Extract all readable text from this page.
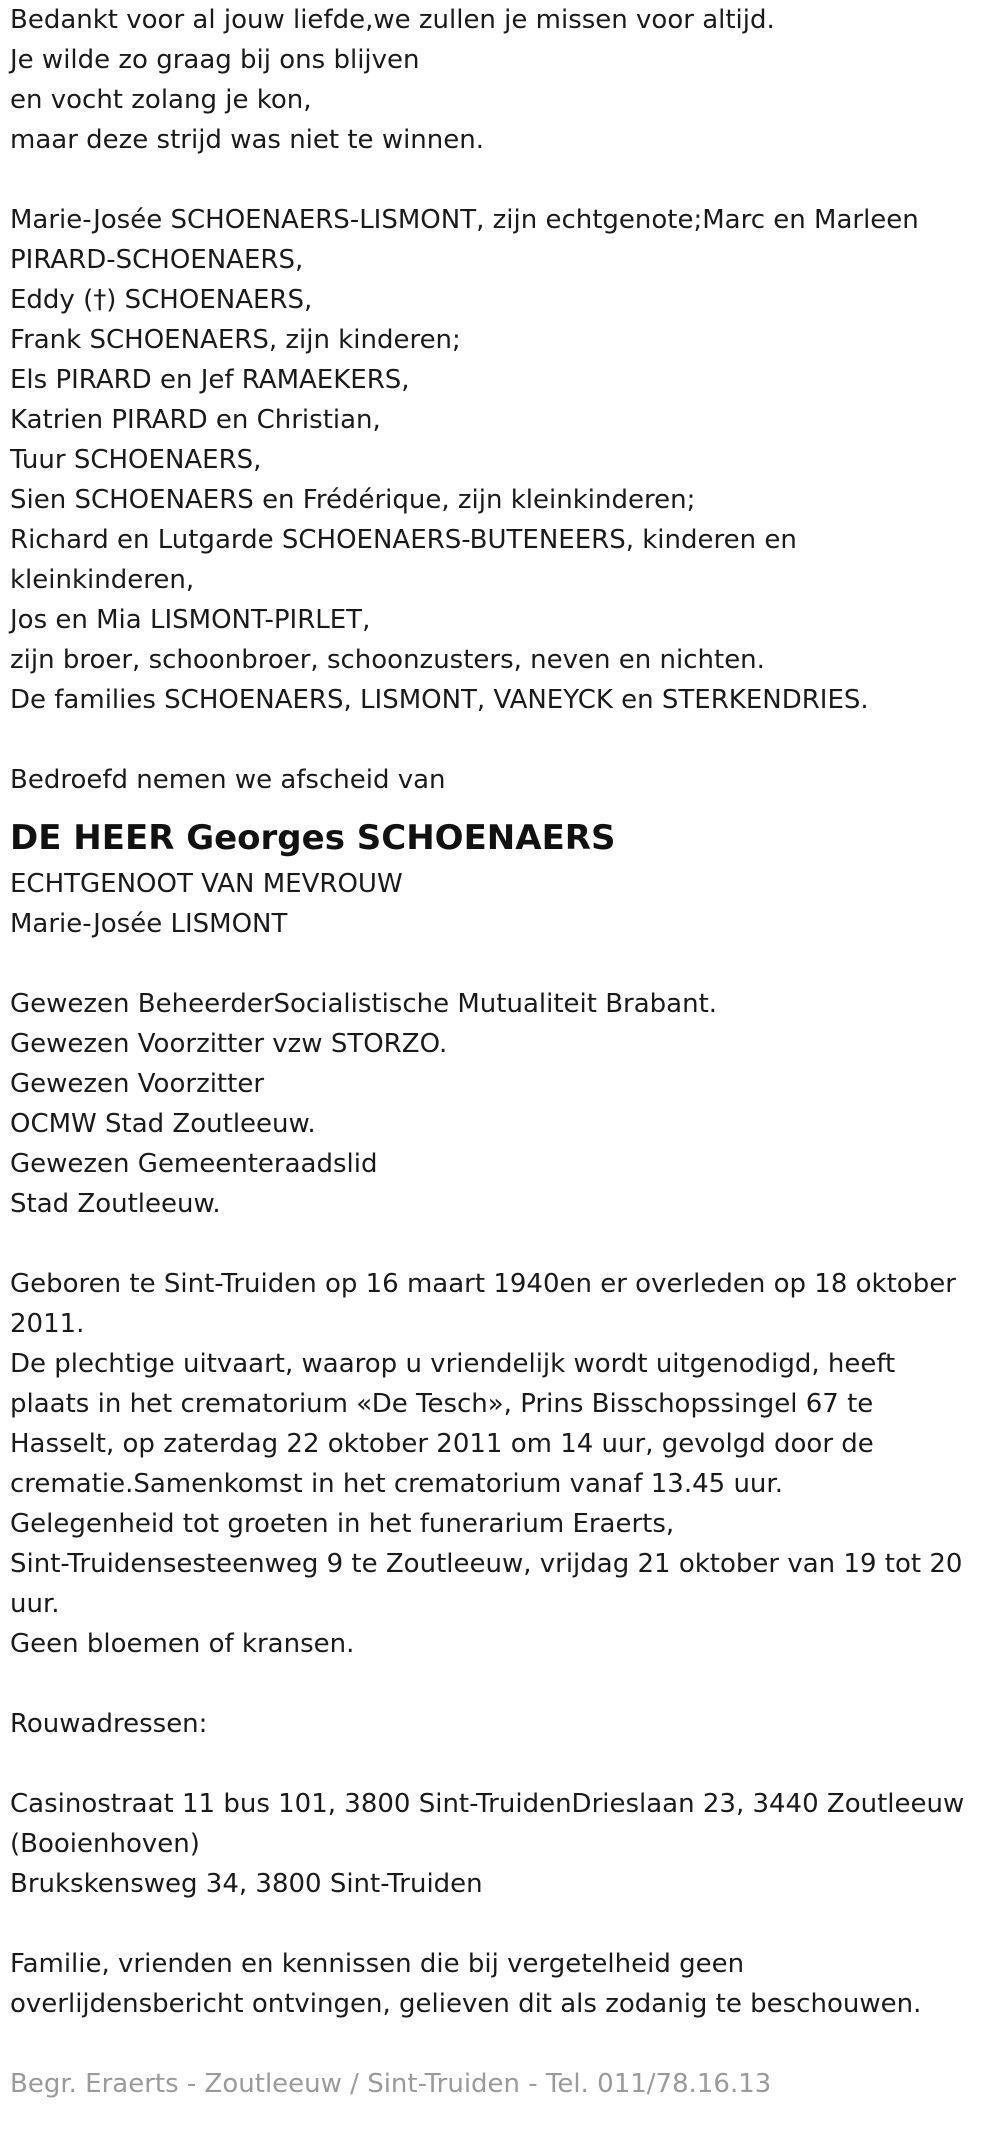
Bedankt voor al jouw liefde,we zullen je missen voor altijd.
Je wilde zo graag bij ons blijven
en vocht zolang je kon,
maar deze strijd was niet te winnen.
Marie-Josée SCHOENAERS-LISMONT, zijn echtgenote;Marc en Marleen
PIRARD-SCHOENAERS,
Eddy (†) SCHOENAERS,
Frank SCHOENAERS, zijn kinderen;
Els PIRARD en Jef RAMAEKERS,
Katrien PIRARD en Christian,
Tuur SCHOENAERS,
Sien SCHOENAERS en Frédérique, zijn kleinkinderen;
Richard en Lutgarde SCHOENAERS-BUTENEERS, kinderen en
kleinkinderen,
Jos en Mia LISMONT-PIRLET,
zijn broer, schoonbroer, schoonzusters, neven en nichten.
De families SCHOENAERS, LISMONT, VANEYCK en STERKENDRIES.
Bedroefd nemen we afscheid van
DE HEER Georges SCHOENAERS
ECHTGENOOT VAN MEVROUW
Marie-Josée LISMONT
Gewezen BeheerderSocialistische Mutualiteit Brabant.
Gewezen Voorzitter vzw STORZO.
Gewezen Voorzitter
OCMW Stad Zoutleeuw.
Gewezen Gemeenteraadslid
Stad Zoutleeuw.
Geboren te Sint-Truiden op 16 maart 1940en er overleden op 18 oktober
2011.
De plechtige uitvaart, waarop u vriendelijk wordt uitgenodigd, heeft
plaats in het crematorium «De Tesch», Prins Bisschopssingel 67 te
Hasselt, op zaterdag 22 oktober 2011 om 14 uur, gevolgd door de
crematie.Samenkomst in het crematorium vanaf 13.45 uur.
Gelegenheid tot groeten in het funerarium Eraerts,
Sint-Truidensesteenweg 9 te Zoutleeuw, vrijdag 21 oktober van 19 tot 20
uur.
Geen bloemen of kransen.
Rouwadressen:
Casinostraat 11 bus 101, 3800 Sint-TruidenDrieslaan 23, 3440 Zoutleeuw
(Booienhoven)
Brukskensweg 34, 3800 Sint-Truiden
Familie, vrienden en kennissen die bij vergetelheid geen
overlijdensbericht ontvingen, gelieven dit als zodanig te beschouwen.
Begr. Eraerts - Zoutleeuw / Sint-Truiden - Tel. 011/78.16.13
